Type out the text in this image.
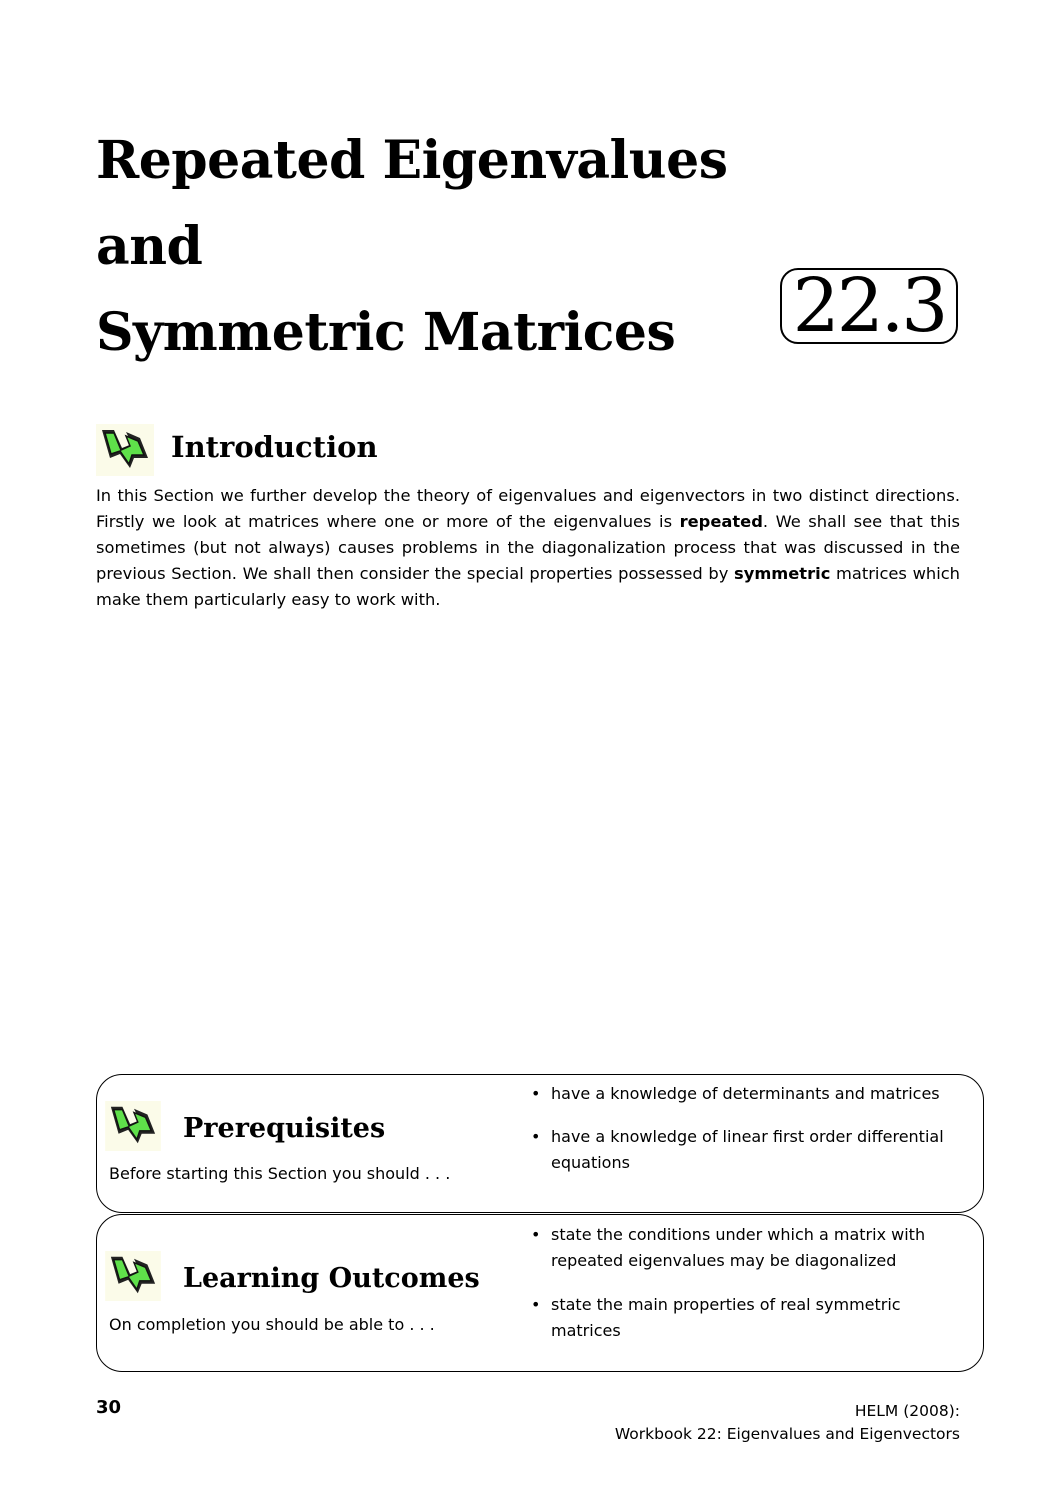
Repeated Eigenvalues
and
Symmetric Matrices	22.3
Introduction

In this Section we further develop the theory of eigenvalues and eigenvectors in two distinct directions. Firstly we look at matrices where one or more of the eigenvalues is repeated. We shall see that this sometimes (but not always) causes problems in the diagonalization process that was discussed in the previous Section. We shall then consider the special properties possessed by symmetric matrices which make them particularly easy to work with.

Prerequisites
Before starting this Section you should . . .
• have a knowledge of determinants and matrices
• have a knowledge of linear first order differential equations
Learning Outcomes
On completion you should be able to . . .
• state the conditions under which a matrix with repeated eigenvalues may be diagonalized
• state the main properties of real symmetric matrices
30	HELM (2008):
Workbook 22: Eigenvalues and Eigenvectors
